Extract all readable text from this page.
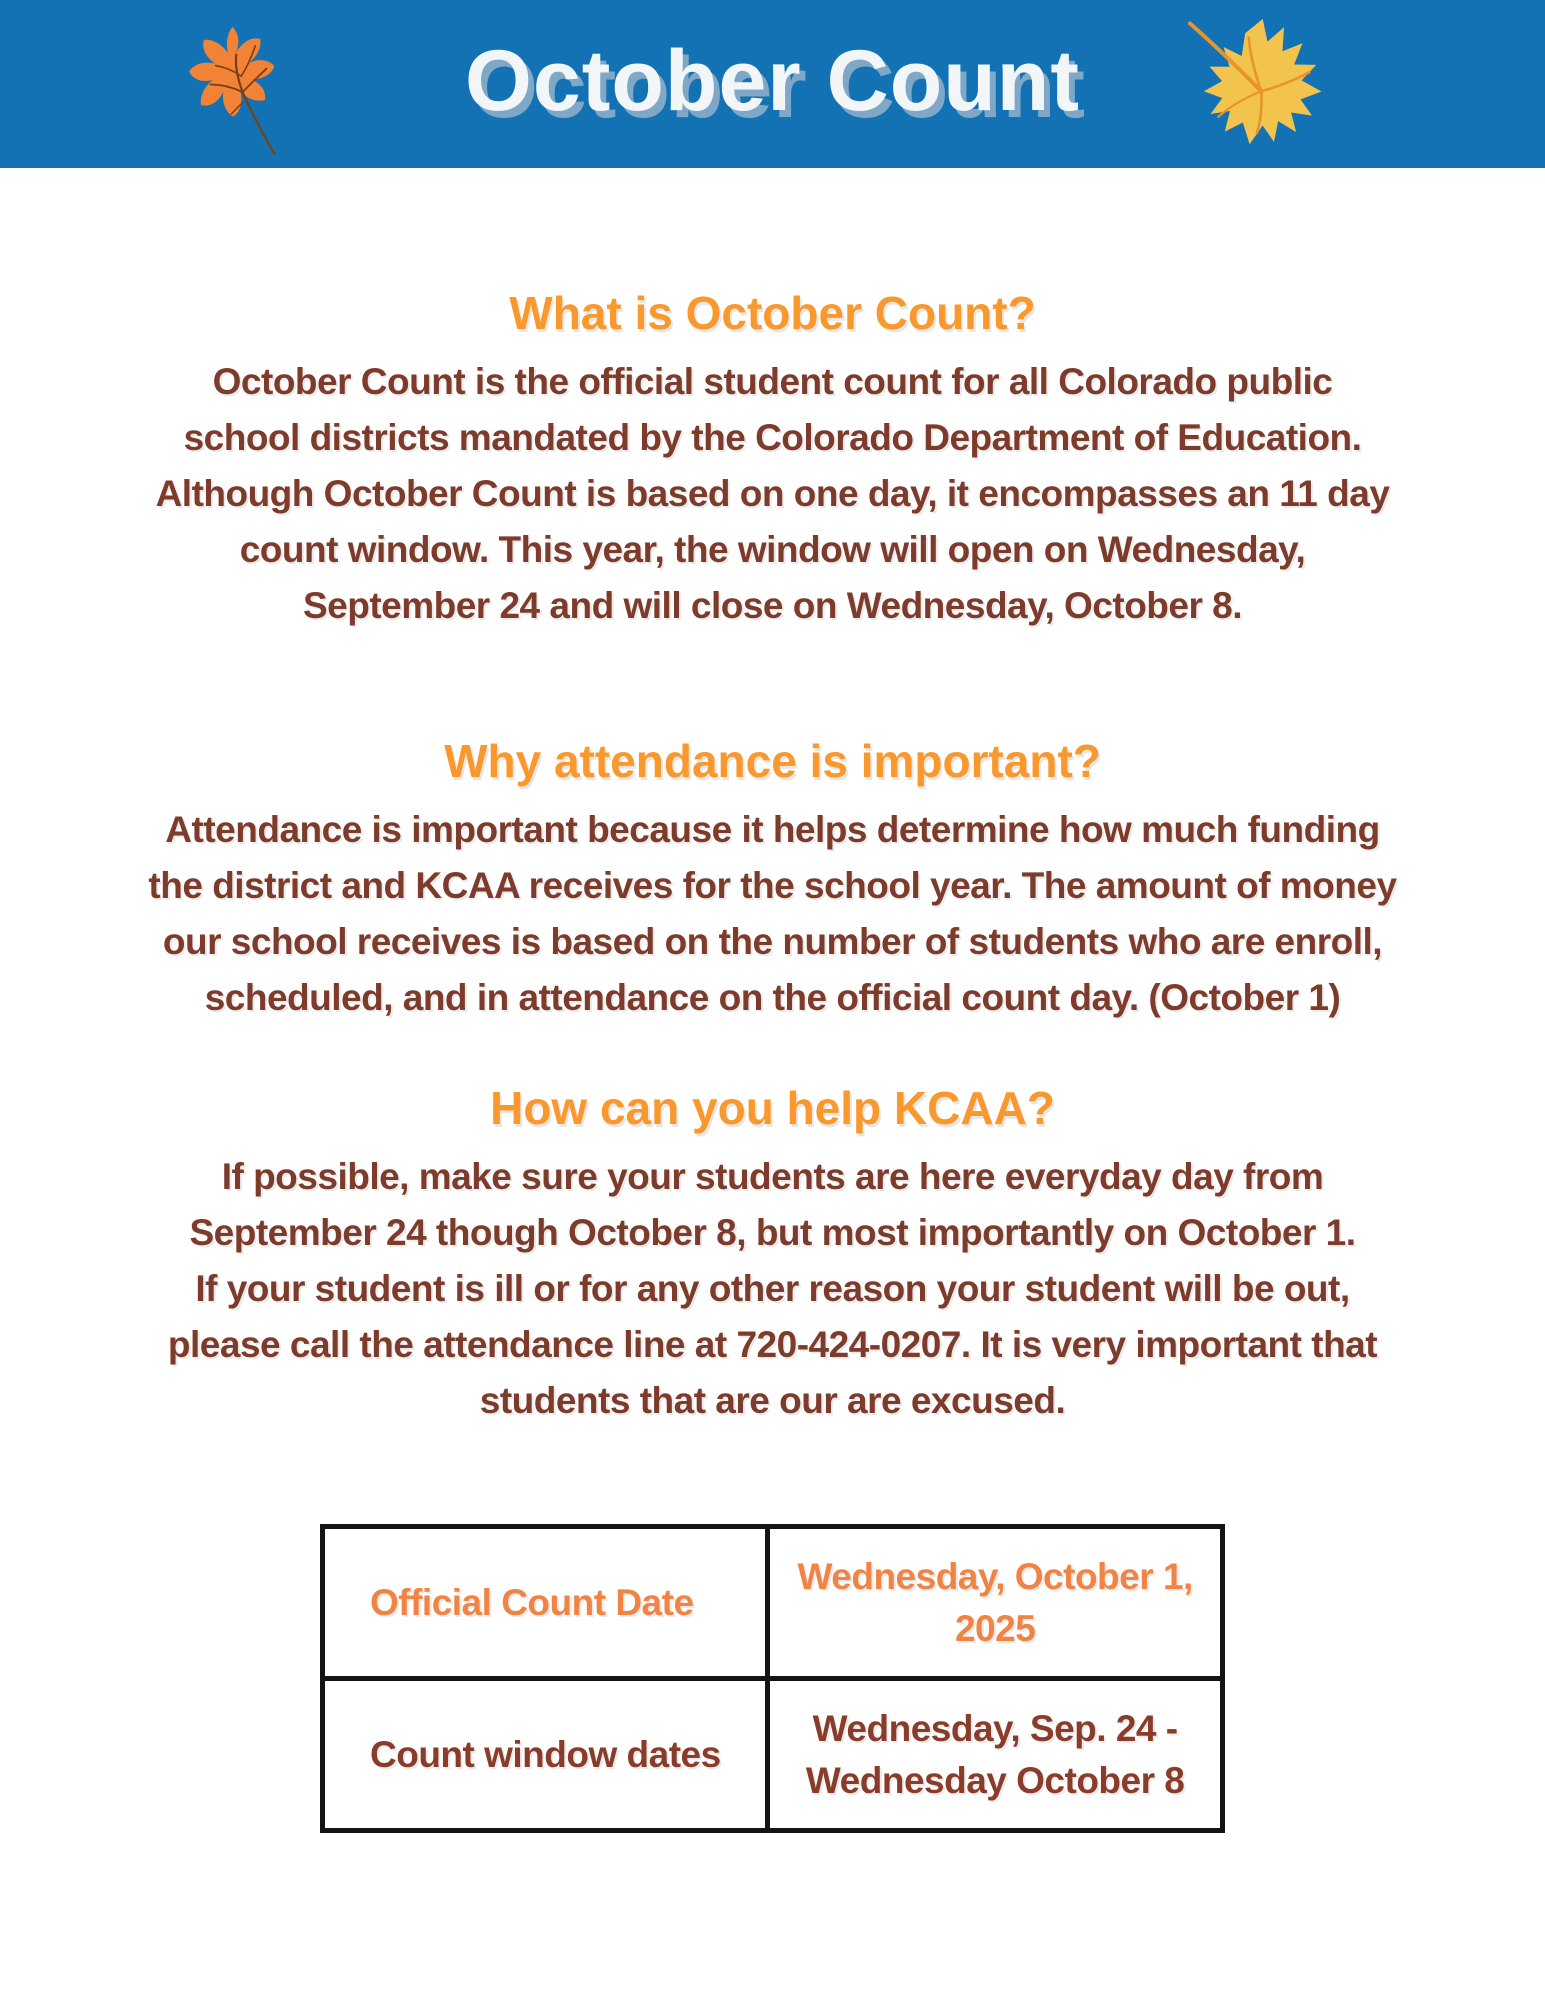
October Count
What is October Count?
October Count is the official student count for all Colorado public
school districts mandated by the Colorado Department of Education.
Although October Count is based on one day, it encompasses an 11 day
count window. This year, the window will open on Wednesday,
September 24 and will close on Wednesday, October 8.
Why attendance is important?
Attendance is important because it helps determine how much funding
the district and KCAA receives for the school year. The amount of money
our school receives is based on the number of students who are enroll,
scheduled, and in attendance on the official count day. (October 1)
How can you help KCAA?
If possible, make sure your students are here everyday day from
September 24 though October 8, but most importantly on October 1.
If your student is ill or for any other reason your student will be out,
please call the attendance line at 720-424-0207. It is very important that
students that are our are excused.
Official Count Date	Wednesday, October 1,
2025

Count window dates	Wednesday, Sep. 24 -
Wednesday October 8
